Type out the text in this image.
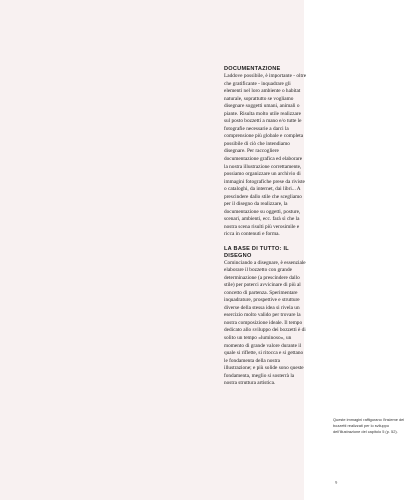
DOCUMENTAZIONE

Laddove possibile, è importante - oltre che gratificante - inquadrare gli elementi nel loro ambiente o habitat naturale, soprattutto se vogliamo disegnare soggetti umani, animali o piante. Risulta molto utile realizzare sul posto bozzetti a mano e/o tutte le fotografie necessarie a darci la comprensione più globale e completa possibile di ciò che intendiamo disegnare. Per raccogliere documentazione grafica ed elaborare la nostra illustrazione correttamente, possiamo organizzare un archivio di immagini fotografiche prese da riviste o cataloghi, da internet, dai libri... A prescindere dallo stile che scegliamo per il disegno da realizzare, la documentazione su oggetti, posture, scenari, ambienti, ecc. farà sì che la nostra scena risulti più verosimile e ricca in contenuti e forma.

LA BASE DI TUTTO: IL DISEGNO

Cominciando a disegnare, è essenziale elaborare il bozzetto con grande determinazione (a prescindere dallo stile) per poterci avvicinare di più al concetto di partenza. Sperimentare inquadrature, prospettive e strutture diverse della stessa idea si rivela un esercizio molto valido per trovare la nostra composizione ideale. Il tempo dedicato allo sviluppo dei bozzetti è di solito un tempo «luminoso», un momento di grande valore durante il quale si riflette, si ritocca e si gettano le fondamenta della nostra illustrazione; e più solide sono queste fondamenta, meglio si sosterrà la nostra struttura artistica.

Queste immagini raffigurano l'insieme dei bozzetti realizzati per lo sviluppo dell'illustrazione del capitolo 5 (p. 52).
9
